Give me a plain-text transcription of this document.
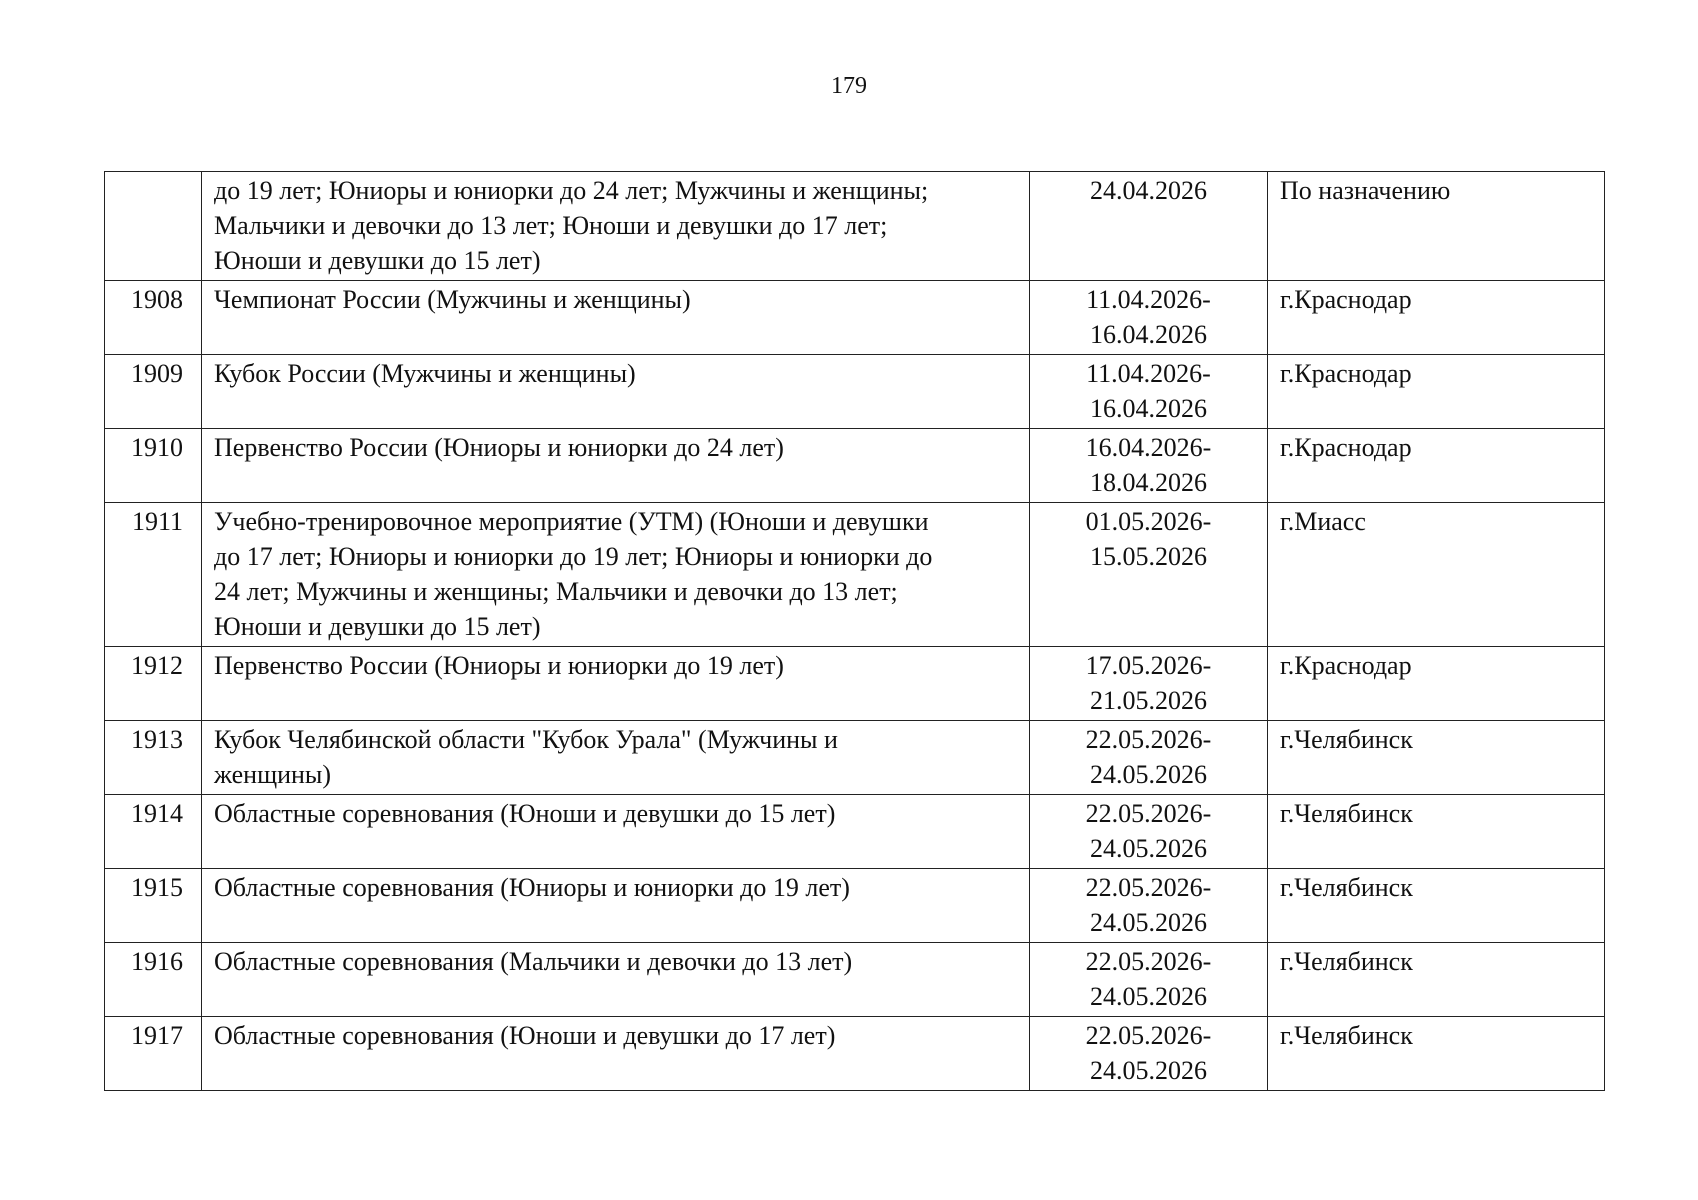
179

	до 19 лет; Юниоры и юниорки до 24 лет; Мужчины и женщины;
Мальчики и девочки до 13 лет; Юноши и девушки до 17 лет;
Юноши и девушки до 15 лет)	24.04.2026	По назначению
1908	Чемпионат России (Мужчины и женщины)	11.04.2026-
16.04.2026	г.Краснодар
1909	Кубок России (Мужчины и женщины)	11.04.2026-
16.04.2026	г.Краснодар
1910	Первенство России (Юниоры и юниорки до 24 лет)	16.04.2026-
18.04.2026	г.Краснодар
1911	Учебно-тренировочное мероприятие (УТМ) (Юноши и девушки
до 17 лет; Юниоры и юниорки до 19 лет; Юниоры и юниорки до
24 лет; Мужчины и женщины; Мальчики и девочки до 13 лет;
Юноши и девушки до 15 лет)	01.05.2026-
15.05.2026	г.Миасс
1912	Первенство России (Юниоры и юниорки до 19 лет)	17.05.2026-
21.05.2026	г.Краснодар
1913	Кубок Челябинской области "Кубок Урала" (Мужчины и
женщины)	22.05.2026-
24.05.2026	г.Челябинск
1914	Областные соревнования (Юноши и девушки до 15 лет)	22.05.2026-
24.05.2026	г.Челябинск
1915	Областные соревнования (Юниоры и юниорки до 19 лет)	22.05.2026-
24.05.2026	г.Челябинск
1916	Областные соревнования (Мальчики и девочки до 13 лет)	22.05.2026-
24.05.2026	г.Челябинск
1917	Областные соревнования (Юноши и девушки до 17 лет)	22.05.2026-
24.05.2026	г.Челябинск
